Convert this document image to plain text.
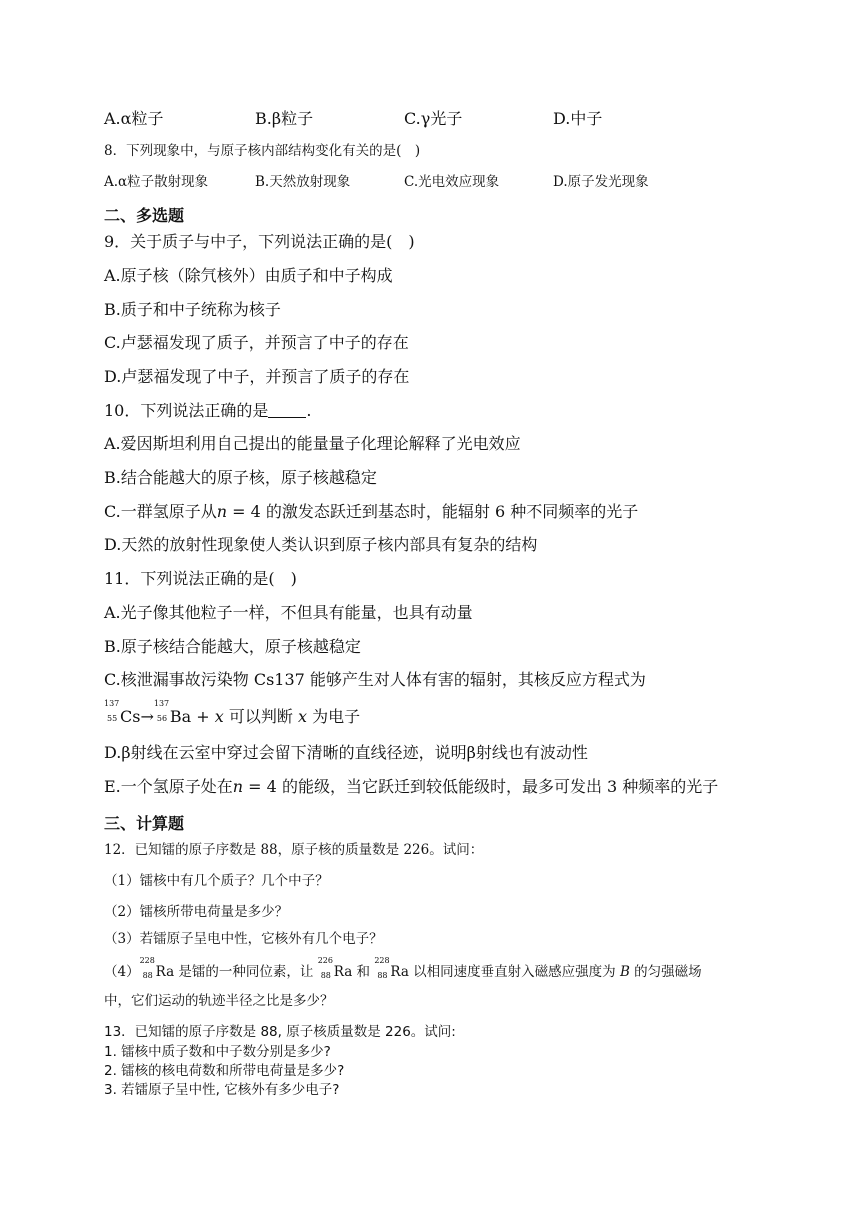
A.α粒子	B.β粒子	C.γ光子	D.中子
8．下列现象中，与原子核内部结构变化有关的是(　)
A.α粒子散射现象	B.天然放射现象	C.光电效应现象	D.原子发光现象
二、多选题
9．关于质子与中子，下列说法正确的是(　)
A.原子核（除氕核外）由质子和中子构成
B.质子和中子统称为核子
C.卢瑟福发现了质子，并预言了中子的存在
D.卢瑟福发现了中子，并预言了质子的存在
10．下列说法正确的是 .
A.爱因斯坦利用自己提出的能量量子化理论解释了光电效应
B.结合能越大的原子核，原子核越稳定
C.一群氢原子从n = 4 的激发态跃迁到基态时，能辐射 6 种不同频率的光子
D.天然的放射性现象使人类认识到原子核内部具有复杂的结构
11．下列说法正确的是(　)
A.光子像其他粒子一样，不但具有能量，也具有动量
B.原子核结合能越大，原子核越稳定
C.核泄漏事故污染物 Cs137 能够产生对人体有害的辐射，其核反应方程式为
137
55 Cs→
137
56 Ba + x 可以判断 x 为电子
D.β射线在云室中穿过会留下清晰的直线径迹，说明β射线也有波动性
E.一个氢原子处在n = 4 的能级，当它跃迁到较低能级时，最多可发出 3 种频率的光子
三、计算题
12．已知镭的原子序数是 88，原子核的质量数是 226。试问：
（1）镭核中有几个质子？几个中子？
（2）镭核所带电荷量是多少？
（3）若镭原子呈电中性，它核外有几个电子？
（4）
228
88 Ra 是镭的一种同位素，让
226
88 Ra 和
228
88 Ra 以相同速度垂直射入磁感应强度为 B 的匀强磁场
中，它们运动的轨迹半径之比是多少？
13．已知镭的原子序数是 88, 原子核质量数是 226。试问:
1. 镭核中质子数和中子数分别是多少?
2. 镭核的核电荷数和所带电荷量是多少?
3. 若镭原子呈中性, 它核外有多少电子?
